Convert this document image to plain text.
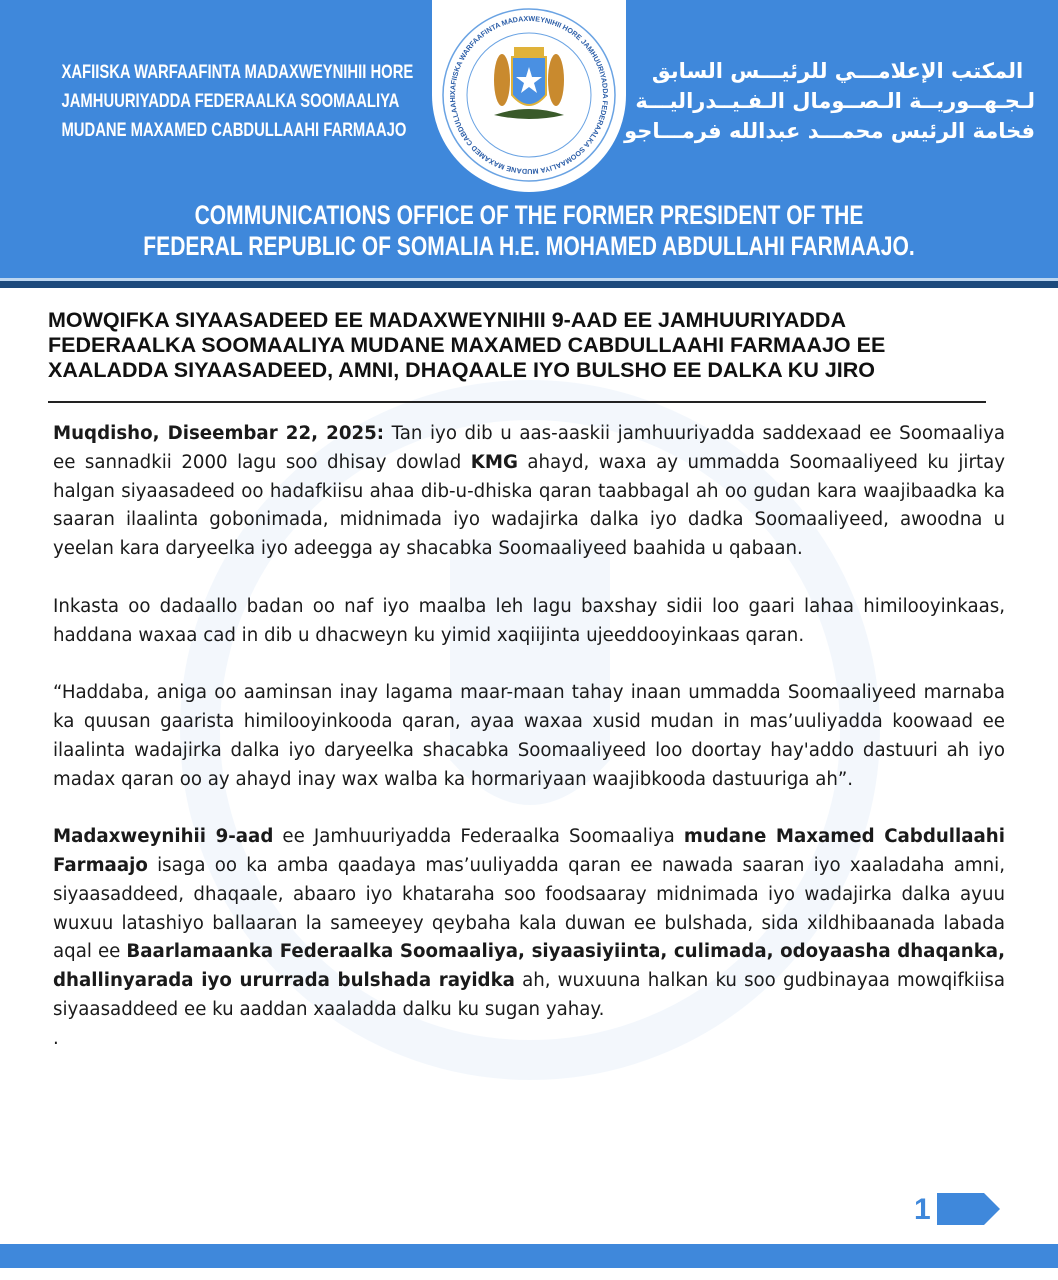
XAFIISKA WARFAAFINTA MADAXWEYNIHII HORE
JAMHUURIYADDA FEDERAALKA SOOMAALIYA
MUDANE MAXAMED CABDULLAAHI FARMAAJO
المكتب الإعلامـــي للرئيـــس السابق
لـجـهــوريــة الـصــومال الـفـيــدراليـــة
فخامة الرئيس محمـــد عبدالله فرمـــاجو
XAFIISKA WARFAAFINTA MADAXWEYNIHII HORE JAMHUURIYADDA FEDERAALKA SOOMAALIYA MUDANE MAXAMED CABDULLAAHI
COMMUNICATIONS OFFICE OF THE FORMER PRESIDENT OF THE
FEDERAL REPUBLIC OF SOMALIA H.E. MOHAMED ABDULLAHI FARMAAJO.
MOWQIFKA SIYAASADEED EE MADAXWEYNIHII 9-AAD EE JAMHUURIYADDA
FEDERAALKA SOOMAALIYA MUDANE MAXAMED CABDULLAAHI FARMAAJO EE
XAALADDA SIYAASADEED, AMNI, DHAQAALE IYO BULSHO EE DALKA KU JIRO

Muqdisho, Diseembar 22, 2025: Tan iyo dib u aas-aaskii jamhuuriyadda saddexaad ee Soomaaliya ee sannadkii 2000 lagu soo dhisay dowlad KMG ahayd, waxa ay ummadda Soomaaliyeed ku jirtay halgan siyaasadeed oo hadafkiisu ahaa dib-u-dhiska qaran taabbagal ah oo gudan kara waajibaadka ka saaran ilaalinta gobonimada, midnimada iyo wadajirka dalka iyo dadka Soomaaliyeed, awoodna u yeelan kara daryeelka iyo adeegga ay shacabka Soomaaliyeed baahida u qabaan.

Inkasta oo dadaallo badan oo naf iyo maalba leh lagu baxshay sidii loo gaari lahaa himilooyinkaas, haddana waxaa cad in dib u dhacweyn ku yimid xaqiijinta ujeeddooyinkaas qaran.

“Haddaba, aniga oo aaminsan inay lagama maar-maan tahay inaan ummadda Soomaaliyeed marnaba ka quusan gaarista himilooyinkooda qaran, ayaa waxaa xusid mudan in mas’uuliyadda koowaad ee ilaalinta wadajirka dalka iyo daryeelka shacabka Soomaaliyeed loo doortay hay'addo dastuuri ah iyo madax qaran oo ay ahayd inay wax walba ka hormariyaan waajibkooda dastuuriga ah”.

Madaxweynihii 9-aad ee Jamhuuriyadda Federaalka Soomaaliya mudane Maxamed Cabdullaahi Farmaajo isaga oo ka amba qaadaya mas’uuliyadda qaran ee nawada saaran iyo xaaladaha amni, siyaasaddeed, dhaqaale, abaaro iyo khataraha soo foodsaaray midnimada iyo wadajirka dalka ayuu wuxuu latashiyo ballaaran la sameeyey qeybaha kala duwan ee bulshada, sida xildhibaanada labada aqal ee Baarlamaanka Federaalka Soomaaliya, siyaasiyiinta, culimada, odoyaasha dhaqanka, dhallinyarada iyo ururrada bulshada rayidka ah, wuxuuna halkan ku soo gudbinayaa mowqifkiisa siyaasaddeed ee ku aaddan xaaladda dalku ku sugan yahay.

.

1
